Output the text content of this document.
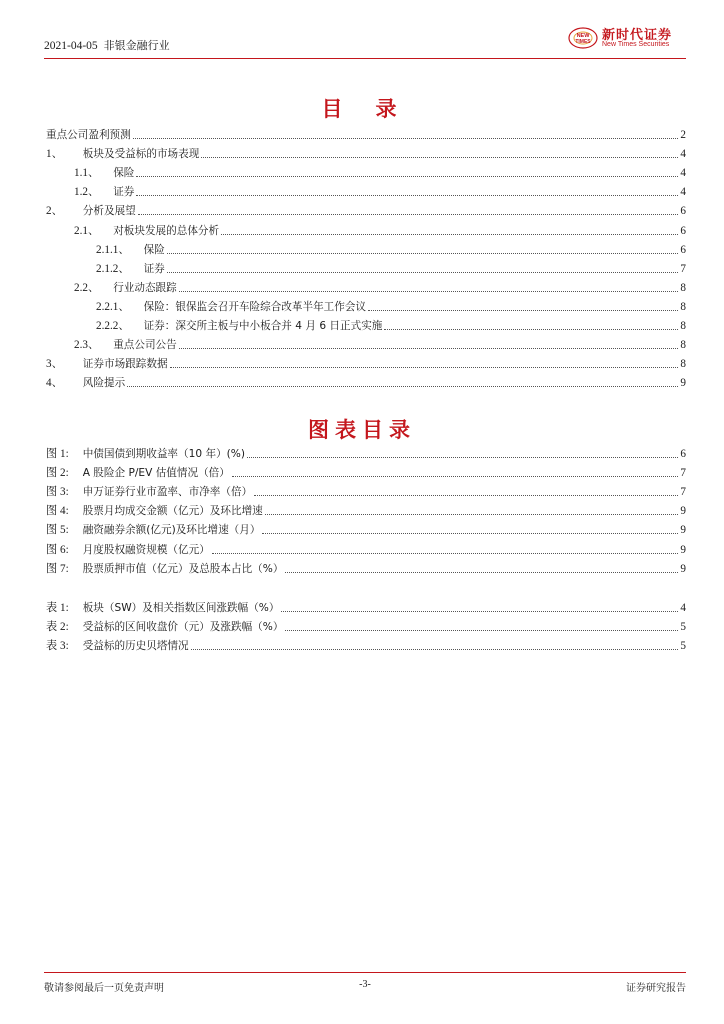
2021-04-05 非银金融行业
NEW
TIMES 新时代证券
New Times Securities
目　录
重点公司盈利预测	2
1、 板块及受益标的市场表现	4
1.1、 保险	4
1.2、 证券	4
2、 分析及展望	6
2.1、 对板块发展的总体分析	6
2.1.1、 保险	6
2.1.2、 证券	7
2.2、 行业动态跟踪	8
2.2.1、 保险：银保监会召开车险综合改革半年工作会议	8
2.2.2、 证券：深交所主板与中小板合并 4 月 6 日正式实施	8
2.3、 重点公司公告	8
3、 证券市场跟踪数据	8
4、 风险提示	9
图表目录
图 1: 中债国债到期收益率（10 年）(%)	6
图 2: A 股险企 P/EV 估值情况（倍）	7
图 3: 申万证券行业市盈率、市净率（倍）	7
图 4: 股票月均成交金额（亿元）及环比增速	9
图 5: 融资融券余额(亿元)及环比增速（月）	9
图 6: 月度股权融资规模（亿元）	9
图 7: 股票质押市值（亿元）及总股本占比（%）	9
表 1: 板块（SW）及相关指数区间涨跌幅（%）	4
表 2: 受益标的区间收盘价（元）及涨跌幅（%）	5
表 3: 受益标的历史贝塔情况	5
敬请参阅最后一页免责声明	-3-	证券研究报告
